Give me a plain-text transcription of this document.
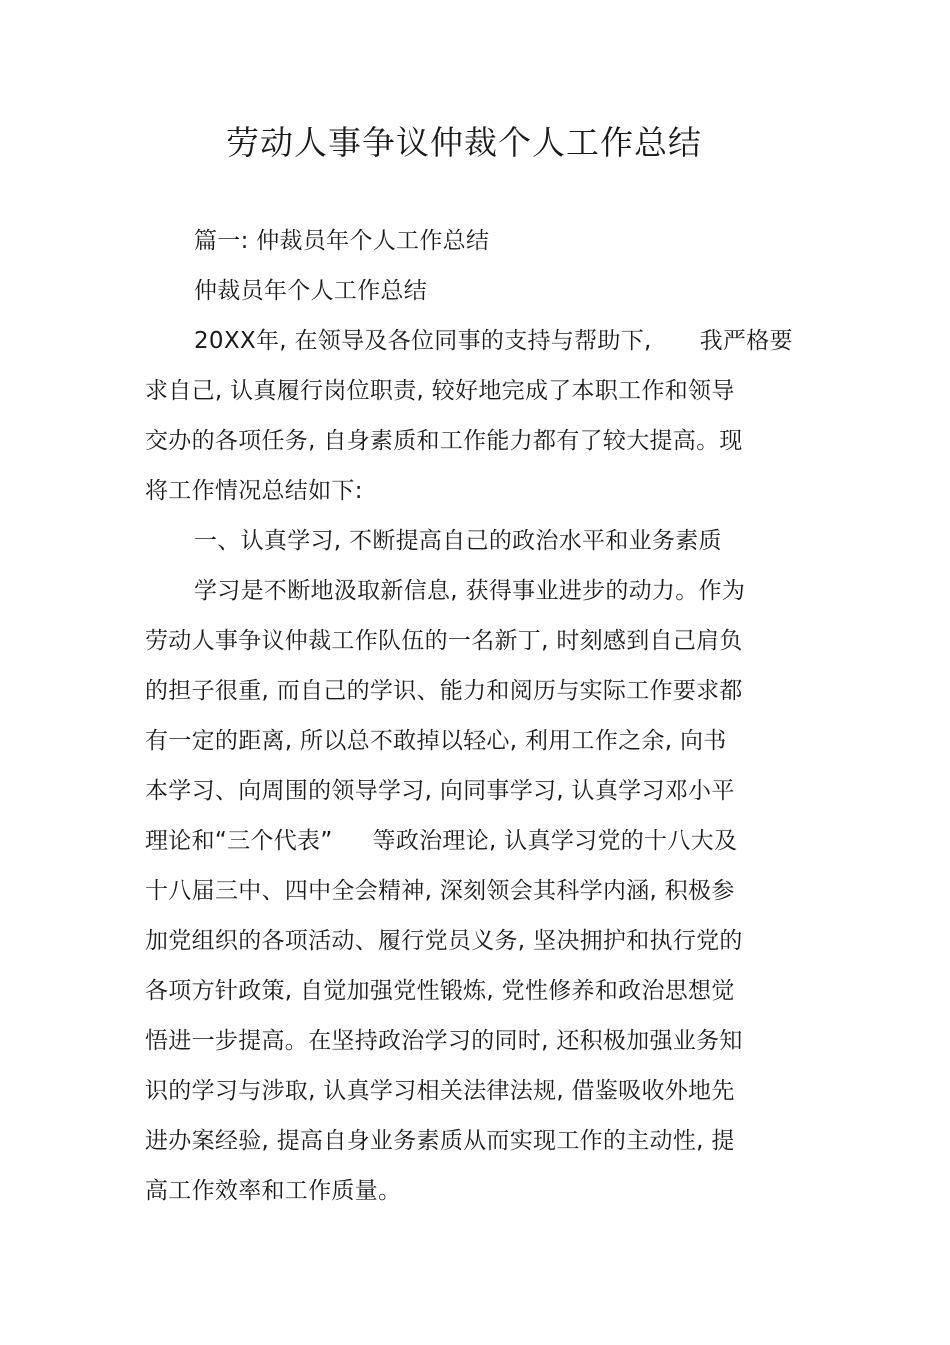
劳动人事争议仲裁个人工作总结
篇一: 仲裁员年个人工作总结
仲裁员年个人工作总结
20XX年, 在领导及各位同事的支持与帮助下, 我严格要
求自己, 认真履行岗位职责, 较好地完成了本职工作和领导
交办的各项任务, 自身素质和工作能力都有了较大提高。现
将工作情况总结如下:
一、认真学习, 不断提高自己的政治水平和业务素质
学习是不断地汲取新信息, 获得事业进步的动力。作为
劳动人事争议仲裁工作队伍的一名新丁, 时刻感到自己肩负
的担子很重, 而自己的学识、能力和阅历与实际工作要求都
有一定的距离, 所以总不敢掉以轻心, 利用工作之余, 向书
本学习、向周围的领导学习, 向同事学习, 认真学习邓小平
理论和“三个代表” 等政治理论, 认真学习党的十八大及
十八届三中、四中全会精神, 深刻领会其科学内涵, 积极参
加党组织的各项活动、履行党员义务, 坚决拥护和执行党的
各项方针政策, 自觉加强党性锻炼, 党性修养和政治思想觉
悟进一步提高。在坚持政治学习的同时, 还积极加强业务知
识的学习与涉取, 认真学习相关法律法规, 借鉴吸收外地先
进办案经验, 提高自身业务素质从而实现工作的主动性, 提
高工作效率和工作质量。
